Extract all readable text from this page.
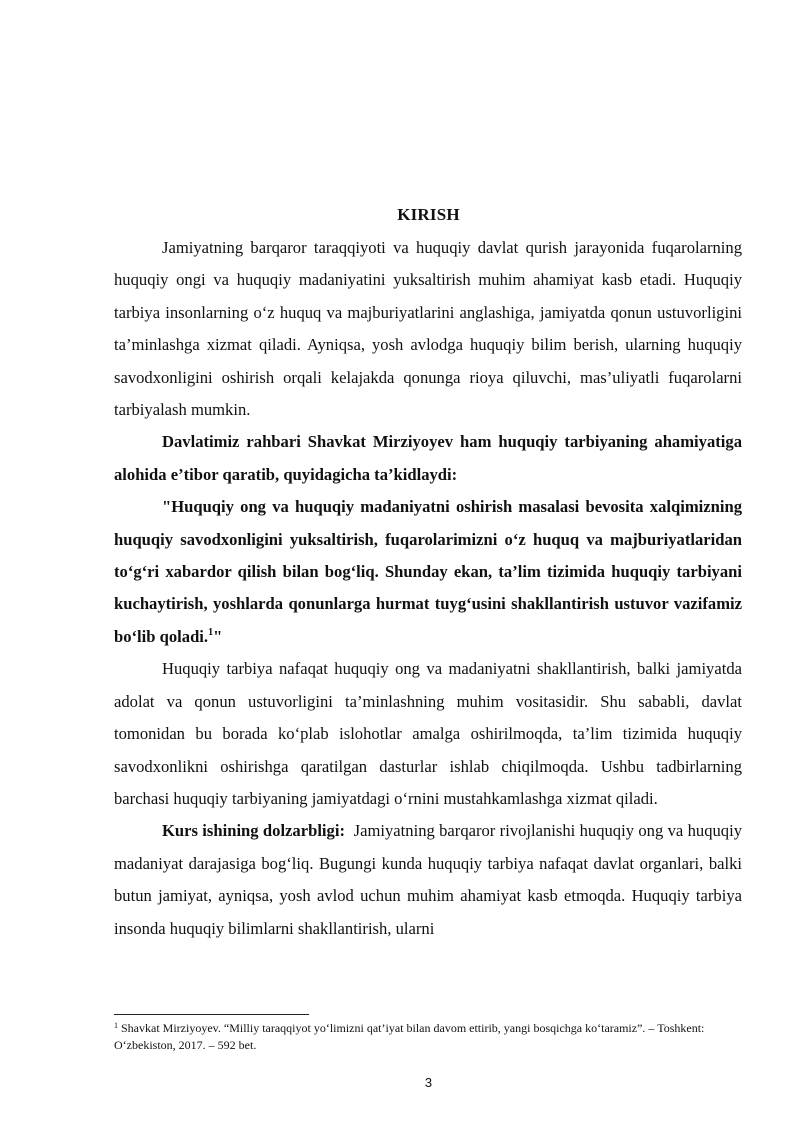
KIRISH

Jamiyatning barqaror taraqqiyoti va huquqiy davlat qurish jarayonida fuqarolarning huquqiy ongi va huquqiy madaniyatini yuksaltirish muhim ahamiyat kasb etadi. Huquqiy tarbiya insonlarning o‘z huquq va majburiyatlarini anglashiga, jamiyatda qonun ustuvorligini ta’minlashga xizmat qiladi. Ayniqsa, yosh avlodga huquqiy bilim berish, ularning huquqiy savodxonligini oshirish orqali kelajakda qonunga rioya qiluvchi, mas’uliyatli fuqarolarni tarbiyalash mumkin.

Davlatimiz rahbari Shavkat Mirziyoyev ham huquqiy tarbiyaning ahamiyatiga alohida e’tibor qaratib, quyidagicha ta’kidlaydi:

"Huquqiy ong va huquqiy madaniyatni oshirish masalasi bevosita xalqimizning huquqiy savodxonligini yuksaltirish, fuqarolarimizni o‘z huquq va majburiyatlaridan to‘g‘ri xabardor qilish bilan bog‘liq. Shunday ekan, ta’lim tizimida huquqiy tarbiyani kuchaytirish, yoshlarda qonunlarga hurmat tuyg‘usini shakllantirish ustuvor vazifamiz bo‘lib qoladi.$^1$"

Huquqiy tarbiya nafaqat huquqiy ong va madaniyatni shakllantirish, balki jamiyatda adolat va qonun ustuvorligini ta’minlashning muhim vositasidir. Shu sababli, davlat tomonidan bu borada ko‘plab islohotlar amalga oshirilmoqda, ta’lim tizimida huquqiy savodxonlikni oshirishga qaratilgan dasturlar ishlab chiqilmoqda. Ushbu tadbirlarning barchasi huquqiy tarbiyaning jamiyatdagi o‘rnini mustahkamlashga xizmat qiladi.

Kurs ishining dolzarbligi: Jamiyatning barqaror rivojlanishi huquqiy ong va huquqiy madaniyat darajasiga bog‘liq. Bugungi kunda huquqiy tarbiya nafaqat davlat organlari, balki butun jamiyat, ayniqsa, yosh avlod uchun muhim ahamiyat kasb etmoqda. Huquqiy tarbiya insonda huquqiy bilimlarni shakllantirish, ularni

$^1$ Shavkat Mirziyoyev. “Milliy taraqqiyot yo‘limizni qat’iyat bilan davom ettirib, yangi bosqichga ko‘taramiz”. – Toshkent: O‘zbekiston, 2017. – 592 bet.
3
